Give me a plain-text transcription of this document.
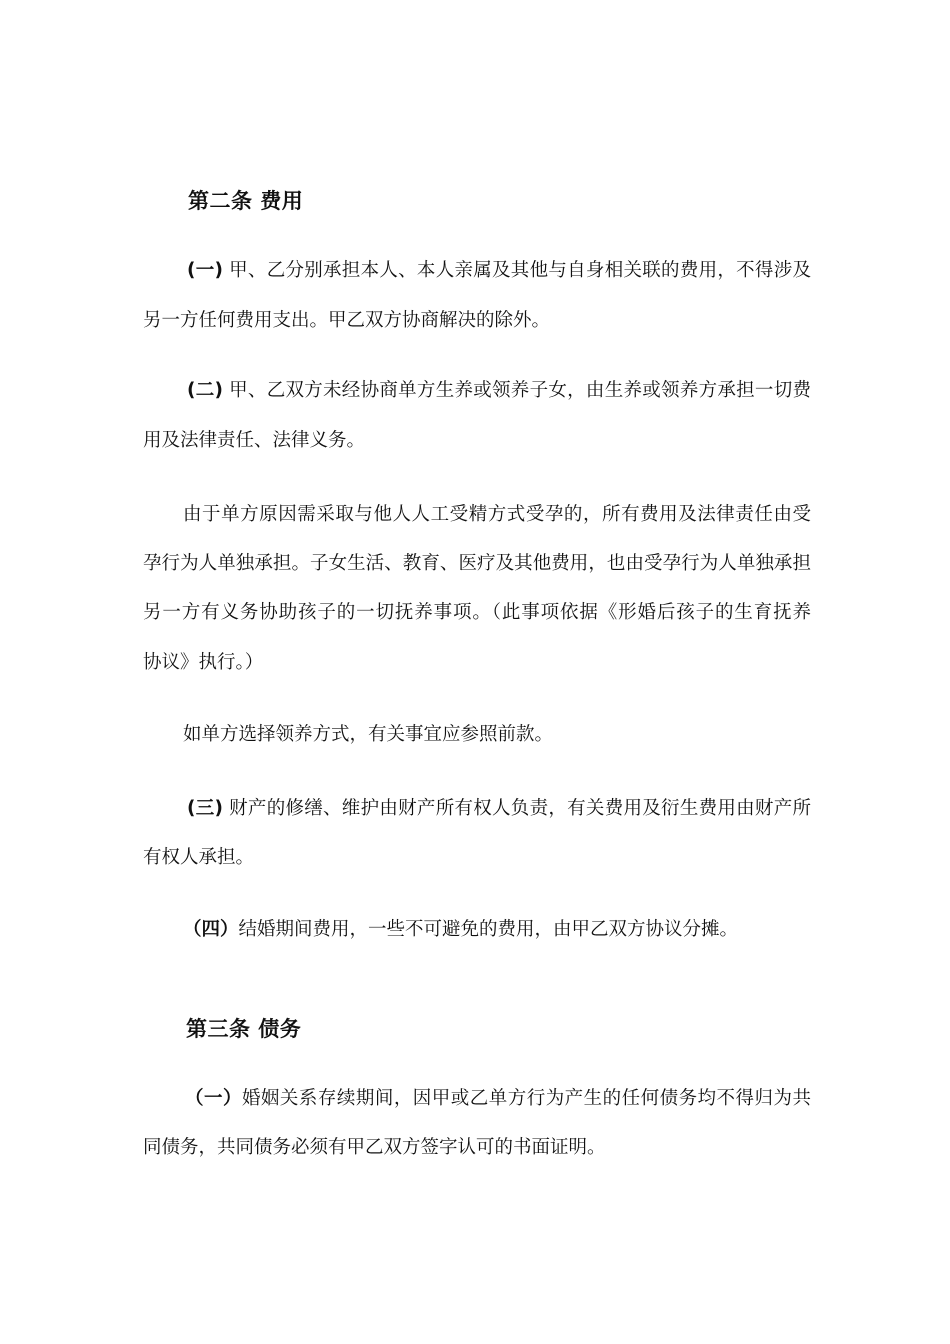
第二条 费用
(一) 甲、乙分别承担本人、本人亲属及其他与自身相关联的费用，不得涉及
另一方任何费用支出。甲乙双方协商解决的除外。
(二) 甲、乙双方未经协商单方生养或领养子女，由生养或领养方承担一切费
用及法律责任、法律义务。
由于单方原因需采取与他人人工受精方式受孕的，所有费用及法律责任由受
孕行为人单独承担。子女生活、教育、医疗及其他费用，也由受孕行为人单独承担
另一方有义务协助孩子的一切抚养事项。（此事项依据《形婚后孩子的生育抚养
协议》执行。）
如单方选择领养方式，有关事宜应参照前款。
(三) 财产的修缮、维护由财产所有权人负责，有关费用及衍生费用由财产所
有权人承担。
（四）结婚期间费用，一些不可避免的费用，由甲乙双方协议分摊。
第三条 债务
（一）婚姻关系存续期间，因甲或乙单方行为产生的任何债务均不得归为共
同债务，共同债务必须有甲乙双方签字认可的书面证明。
